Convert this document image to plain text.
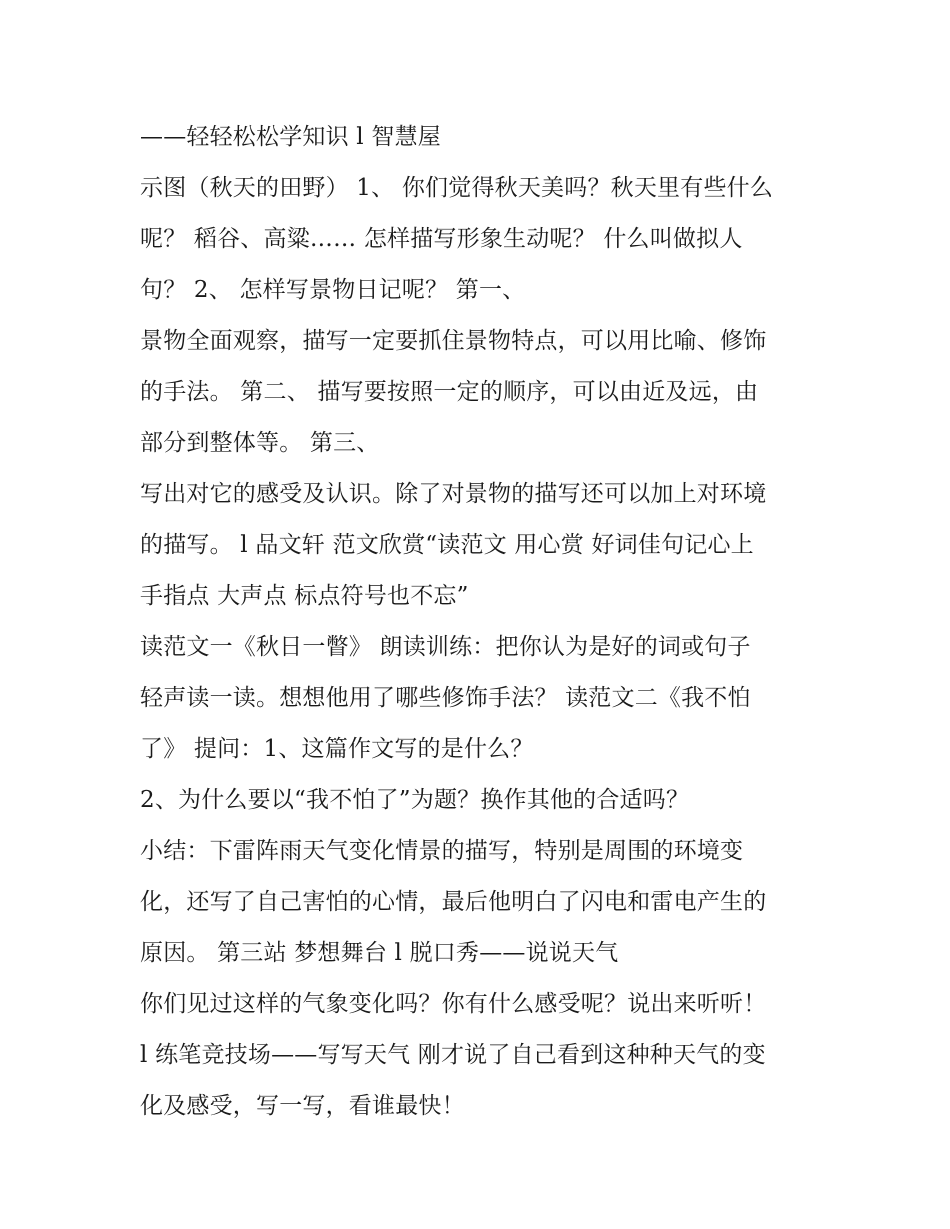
——轻轻松松学知识 l 智慧屋
示图（秋天的田野） 1、 你们觉得秋天美吗？秋天里有些什么
呢？ 稻谷、高粱…… 怎样描写形象生动呢？ 什么叫做拟人
句？ 2、 怎样写景物日记呢？ 第一、
景物全面观察，描写一定要抓住景物特点，可以用比喻、修饰
的手法。 第二、 描写要按照一定的顺序，可以由近及远，由
部分到整体等。 第三、
写出对它的感受及认识。除了对景物的描写还可以加上对环境
的描写。 l 品文轩 范文欣赏“读范文 用心赏 好词佳句记心上
手指点 大声点 标点符号也不忘”
读范文一《秋日一瞥》 朗读训练：把你认为是好的词或句子
轻声读一读。想想他用了哪些修饰手法？ 读范文二《我不怕
了》 提问：1、这篇作文写的是什么？
2、为什么要以“我不怕了”为题？换作其他的合适吗？
小结：下雷阵雨天气变化情景的描写，特别是周围的环境变
化，还写了自己害怕的心情，最后他明白了闪电和雷电产生的
原因。 第三站 梦想舞台 l 脱口秀——说说天气
你们见过这样的气象变化吗？你有什么感受呢？说出来听听！
l 练笔竞技场——写写天气 刚才说了自己看到这种种天气的变
化及感受，写一写，看谁最快！
